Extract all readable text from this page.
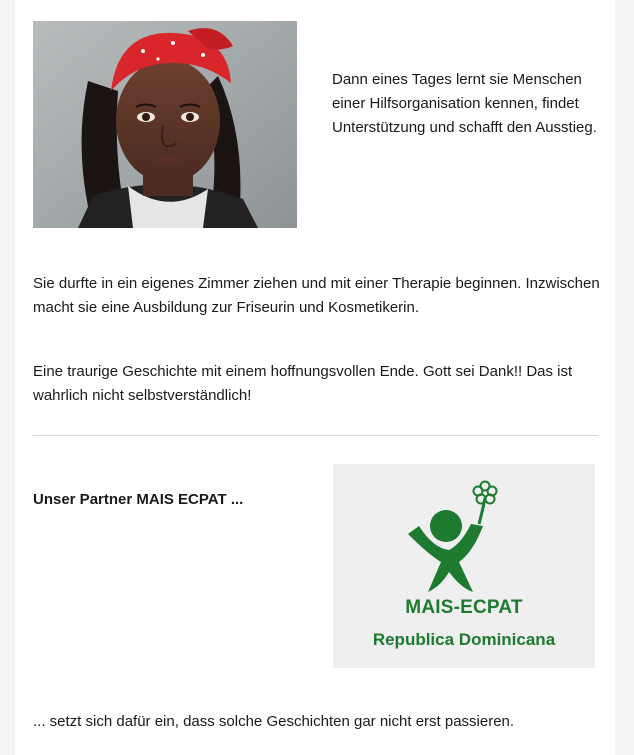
Dann eines Tages lernt sie Menschen einer Hilfsorganisation kennen, findet Unterstützung und schafft den Ausstieg.

Sie durfte in ein eigenes Zimmer ziehen und mit einer Therapie beginnen. Inzwischen macht sie eine Ausbildung zur Friseurin und Kosmetikerin.

Eine traurige Geschichte mit einem hoffnungsvollen Ende. Gott sei Dank!! Das ist wahrlich nicht selbstverständlich!

Unser Partner MAIS ECPAT ...

MAIS-ECPAT
Republica Dominicana

... setzt sich dafür ein, dass solche Geschichten gar nicht erst passieren.
